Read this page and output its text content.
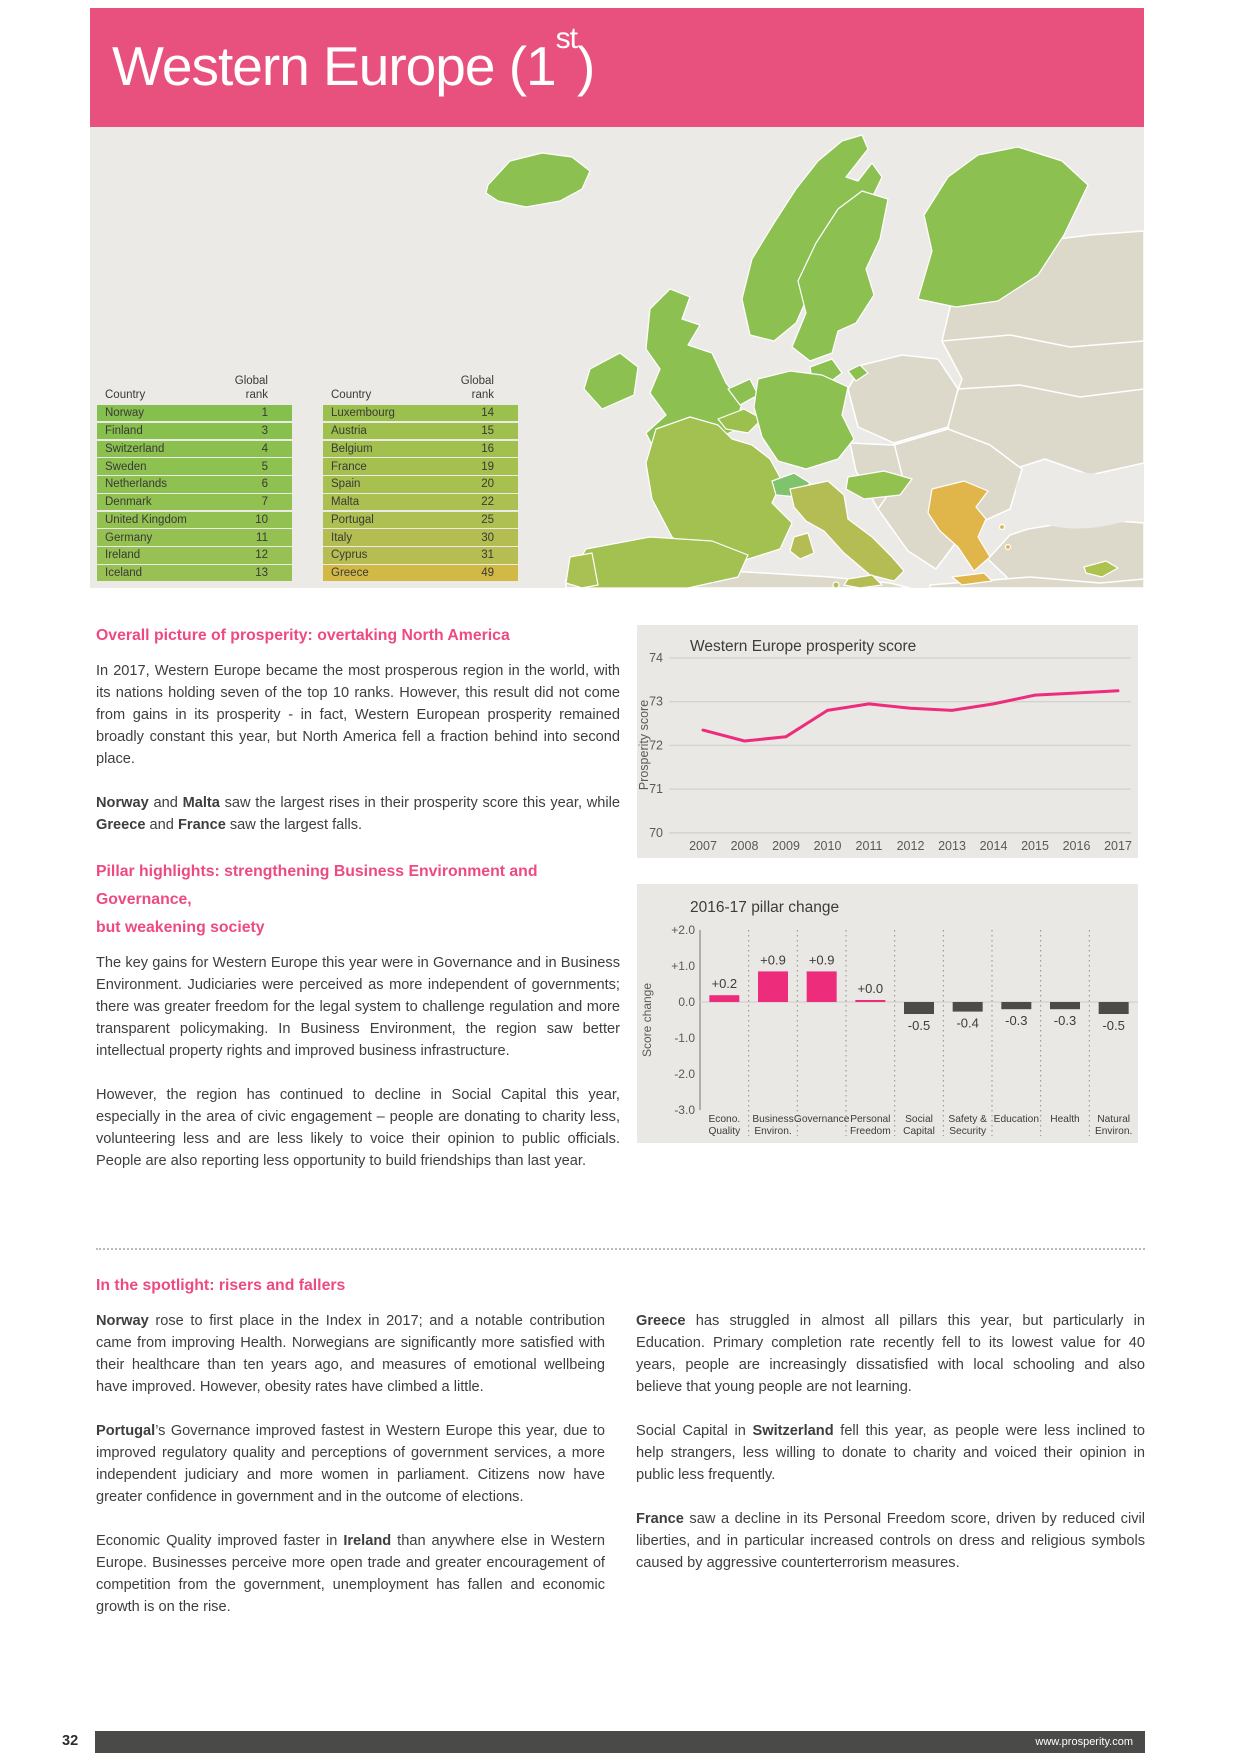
Western Europe (1st)
Country
Global
rank
Norway	1
Finland	3
Switzerland	4
Sweden	5
Netherlands	6
Denmark	7
United Kingdom	10
Germany	11
Ireland	12
Iceland	13
Country
Global
rank
Luxembourg	14
Austria	15
Belgium	16
France	19
Spain	20
Malta	22
Portugal	25
Italy	30
Cyprus	31
Greece	49
Overall picture of prosperity: overtaking North America

In 2017, Western Europe became the most prosperous region in the world, with its nations holding seven of the top 10 ranks. However, this result did not come from gains in its prosperity - in fact, Western European prosperity remained broadly constant this year, but North America fell a fraction behind into second place.

Norway and Malta saw the largest rises in their prosperity score this year, while Greece and France saw the largest falls.

Pillar highlights: strengthening Business Environment and Governance,
but weakening society

The key gains for Western Europe this year were in Governance and in Business Environment. Judiciaries were perceived as more independent of governments; there was greater freedom for the legal system to challenge regulation and more transparent policymaking. In Business Environment, the region saw better intellectual property rights and improved business infrastructure.

However, the region has continued to decline in Social Capital this year, especially in the area of civic engagement – people are donating to charity less, volunteering less and are less likely to voice their opinion to public officials. People are also reporting less opportunity to build friendships than last year.

Western Europe prosperity score
74
73
72
71
70
Prosperity score
2007 2008 2009 2010 2011 2012 2013 2014 2015 2016 2017
2016-17 pillar change
+2.0
+1.0
0.0
-1.0
-2.0
-3.0
Score change	+0.2
Econo.
Quality
+0.9
Business
Environ.
+0.9
Governance
+0.0
Personal
Freedom
-0.5
Social
Capital
-0.4
Safety &
Security
-0.3
Education
-0.3
Health
-0.5
Natural
Environ.
In the spotlight: risers and fallers

Norway rose to first place in the Index in 2017; and a notable contribution came from improving Health. Norwegians are significantly more satisfied with their healthcare than ten years ago, and measures of emotional wellbeing have improved. However, obesity rates have climbed a little.

Portugal’s Governance improved fastest in Western Europe this year, due to improved regulatory quality and perceptions of government services, a more independent judiciary and more women in parliament. Citizens now have greater confidence in government and in the outcome of elections.

Economic Quality improved faster in Ireland than anywhere else in Western Europe. Businesses perceive more open trade and greater encouragement of competition from the government, unemployment has fallen and economic growth is on the rise.

Greece has struggled in almost all pillars this year, but particularly in Education. Primary completion rate recently fell to its lowest value for 40 years, people are increasingly dissatisfied with local schooling and also believe that young people are not learning.

Social Capital in Switzerland fell this year, as people were less inclined to help strangers, less willing to donate to charity and voiced their opinion in public less frequently.

France saw a decline in its Personal Freedom score, driven by reduced civil liberties, and in particular increased controls on dress and religious symbols caused by aggressive counterterrorism measures.

32	www.prosperity.com
